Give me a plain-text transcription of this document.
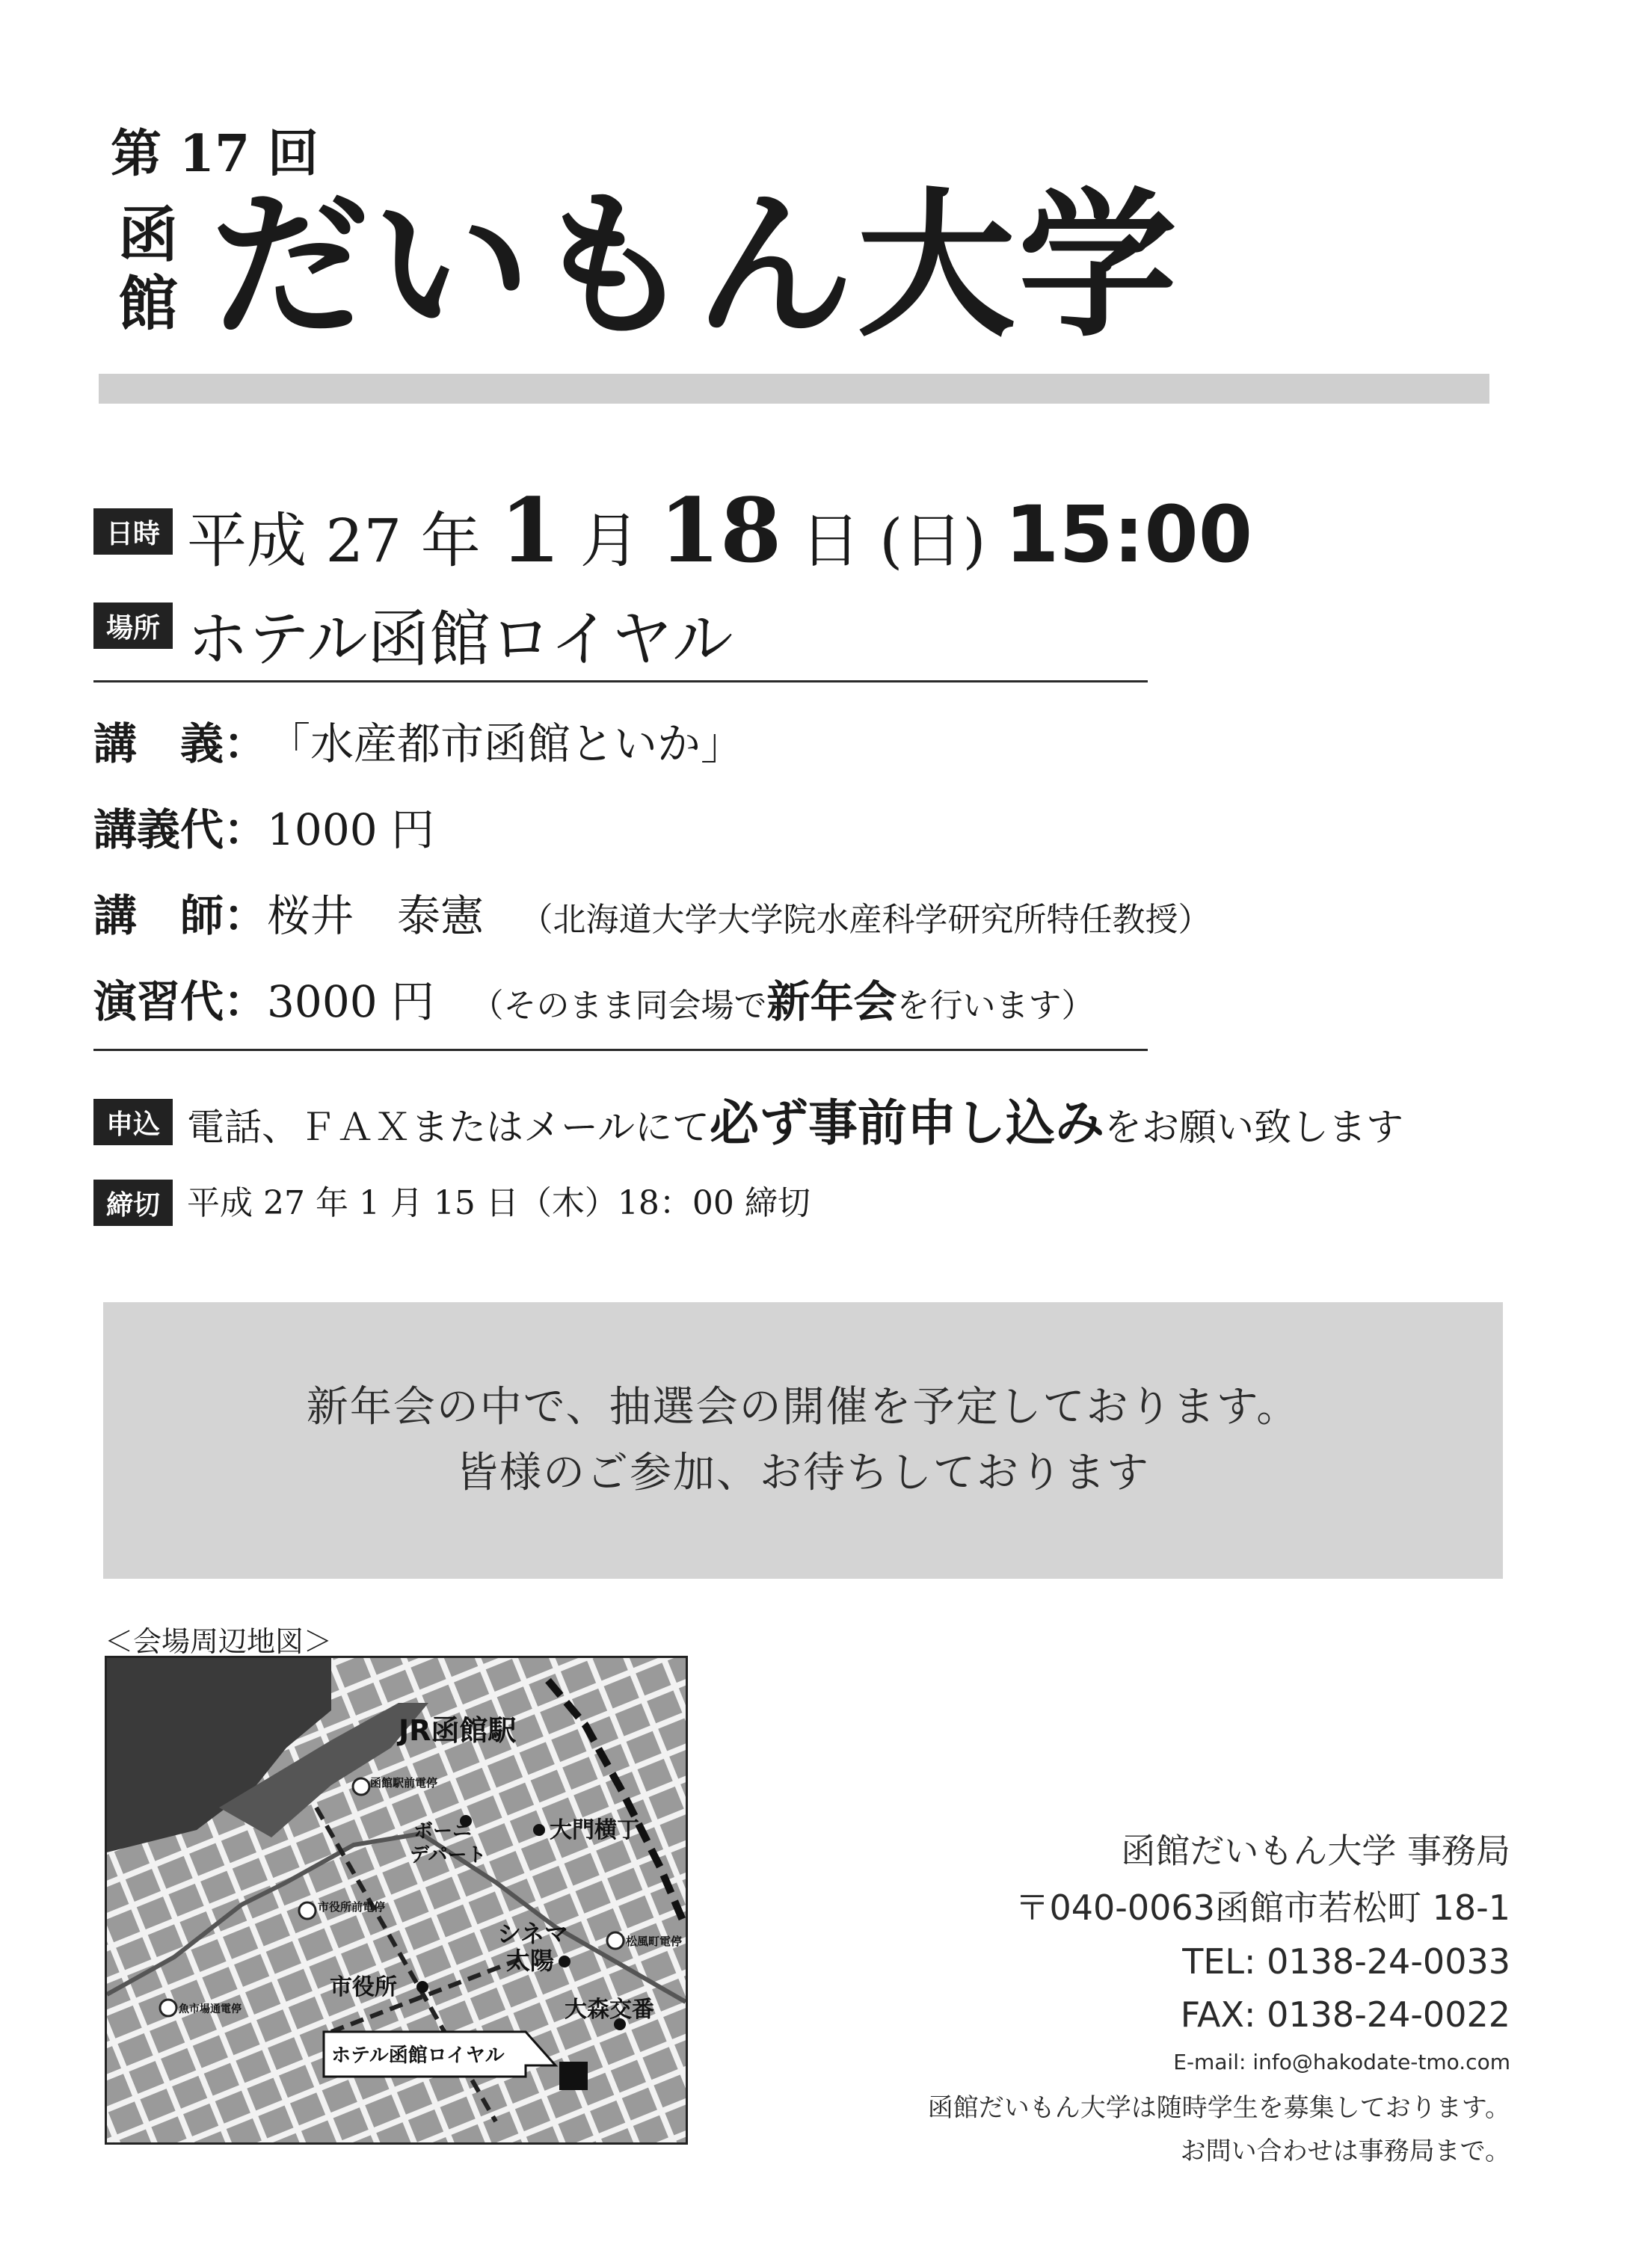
第 17 回
函館 だいもん大学
日時 平成 27 年 1 月 18 日 (日) 15:00
場所 ホテル函館ロイヤル
講　義：「水産都市函館といか」
講義代：1000 円
講　師：桜井　泰憲 （北海道大学大学院水産科学研究所特任教授）
演習代：3000 円 （そのまま同会場で新年会を行います）
申込 電話、ＦＡＸまたはメールにて必ず事前申し込みをお願い致します
締切 平成 27 年 1 月 15 日（木）18：00 締切
新年会の中で、抽選会の開催を予定しております。
皆様のご参加、お待ちしております
＜会場周辺地図＞
JR函館駅
函館駅前電停
ボーニ
デパート
大門横丁
市役所前電停
松風町電停
シネマ
太陽
市役所
大森交番
魚市場通電停
ホテル函館ロイヤル
函館だいもん大学 事務局
〒040-0063函館市若松町 18-1
TEL: 0138-24-0033
FAX: 0138-24-0022
E-mail: info@hakodate-tmo.com
函館だいもん大学は随時学生を募集しております。
お問い合わせは事務局まで。
